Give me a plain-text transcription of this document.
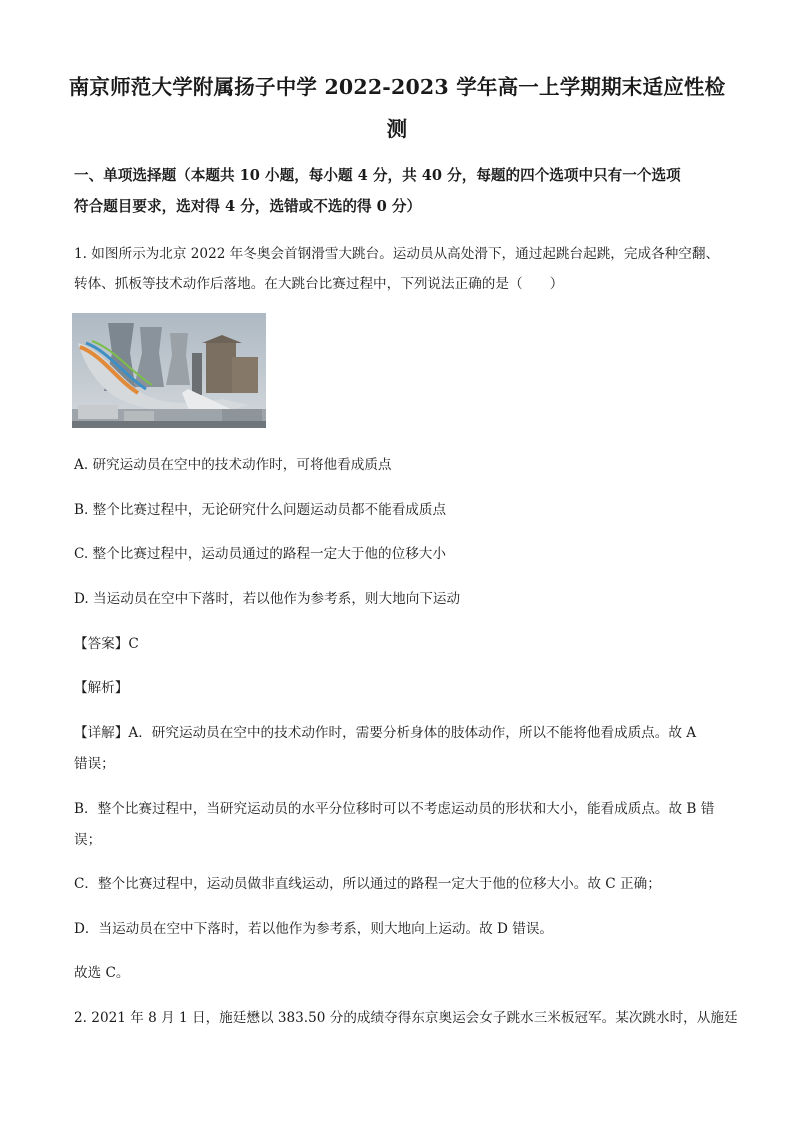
南京师范大学附属扬子中学 2022-2023 学年高一上学期期末适应性检
测
一、单项选择题（本题共 10 小题，每小题 4 分，共 40 分，每题的四个选项中只有一个选项
符合题目要求，选对得 4 分，选错或不选的得 0 分）
1. 如图所示为北京 2022 年冬奥会首钢滑雪大跳台。运动员从高处滑下，通过起跳台起跳，完成各种空翻、
转体、抓板等技术动作后落地。在大跳台比赛过程中，下列说法正确的是（　　）
A. 研究运动员在空中的技术动作时，可将他看成质点
B. 整个比赛过程中，无论研究什么问题运动员都不能看成质点
C. 整个比赛过程中，运动员通过的路程一定大于他的位移大小
D. 当运动员在空中下落时，若以他作为参考系，则大地向下运动
【答案】C
【解析】
【详解】A．研究运动员在空中的技术动作时，需要分析身体的肢体动作，所以不能将他看成质点。故 A
错误；
B．整个比赛过程中，当研究运动员的水平分位移时可以不考虑运动员的形状和大小，能看成质点。故 B 错
误；
C．整个比赛过程中，运动员做非直线运动，所以通过的路程一定大于他的位移大小。故 C 正确；
D．当运动员在空中下落时，若以他作为参考系，则大地向上运动。故 D 错误。
故选 C。
2. 2021 年 8 月 1 日，施廷懋以 383.50 分的成绩夺得东京奥运会女子跳水三米板冠军。某次跳水时，从施廷
